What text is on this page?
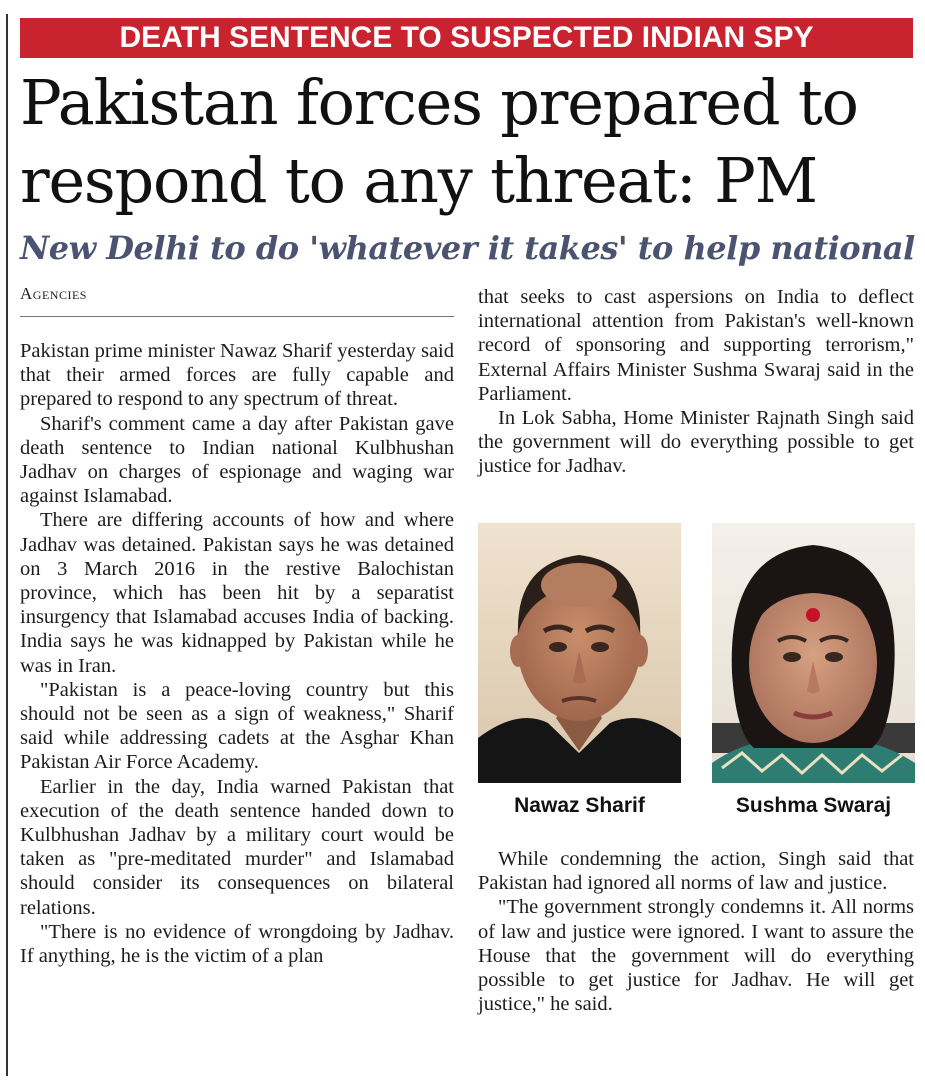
DEATH SENTENCE TO SUSPECTED INDIAN SPY
Pakistan forces prepared to
respond to any threat: PM
New Delhi to do 'whatever it takes' to help national
Agencies

Pakistan prime minister Nawaz Sharif yesterday said that their armed forces are fully capable and prepared to respond to any spectrum of threat.

Sharif's comment came a day after Pakistan gave death sentence to Indian national Kulbhushan Jadhav on charges of espionage and waging war against Islamabad.

There are differing accounts of how and where Jadhav was detained. Pakistan says he was detained on 3 March 2016 in the restive Balochistan province, which has been hit by a separatist insurgency that Islamabad accuses India of backing. India says he was kidnapped by Pakistan while he was in Iran.

"Pakistan is a peace-loving country but this should not be seen as a sign of weakness," Sharif said while addressing cadets at the Asghar Khan Pakistan Air Force Academy.

Earlier in the day, India warned Pakistan that execution of the death sentence handed down to Kulbhushan Jadhav by a military court would be taken as "pre-meditated murder" and Islamabad should consider its consequences on bilateral relations.

"There is no evidence of wrongdoing by Jadhav. If anything, he is the victim of a plan

that seeks to cast aspersions on India to deflect international attention from Pakistan's well-known record of sponsoring and supporting terrorism," External Affairs Minister Sushma Swaraj said in the Parliament.

In Lok Sabha, Home Minister Rajnath Singh said the government will do everything possible to get justice for Jadhav.

Nawaz Sharif	Sushma Swaraj

While condemning the action, Singh said that Pakistan had ignored all norms of law and justice.

"The government strongly condemns it. All norms of law and justice were ignored. I want to assure the House that the government will do everything possible to get justice for Jadhav. He will get justice," he said.
